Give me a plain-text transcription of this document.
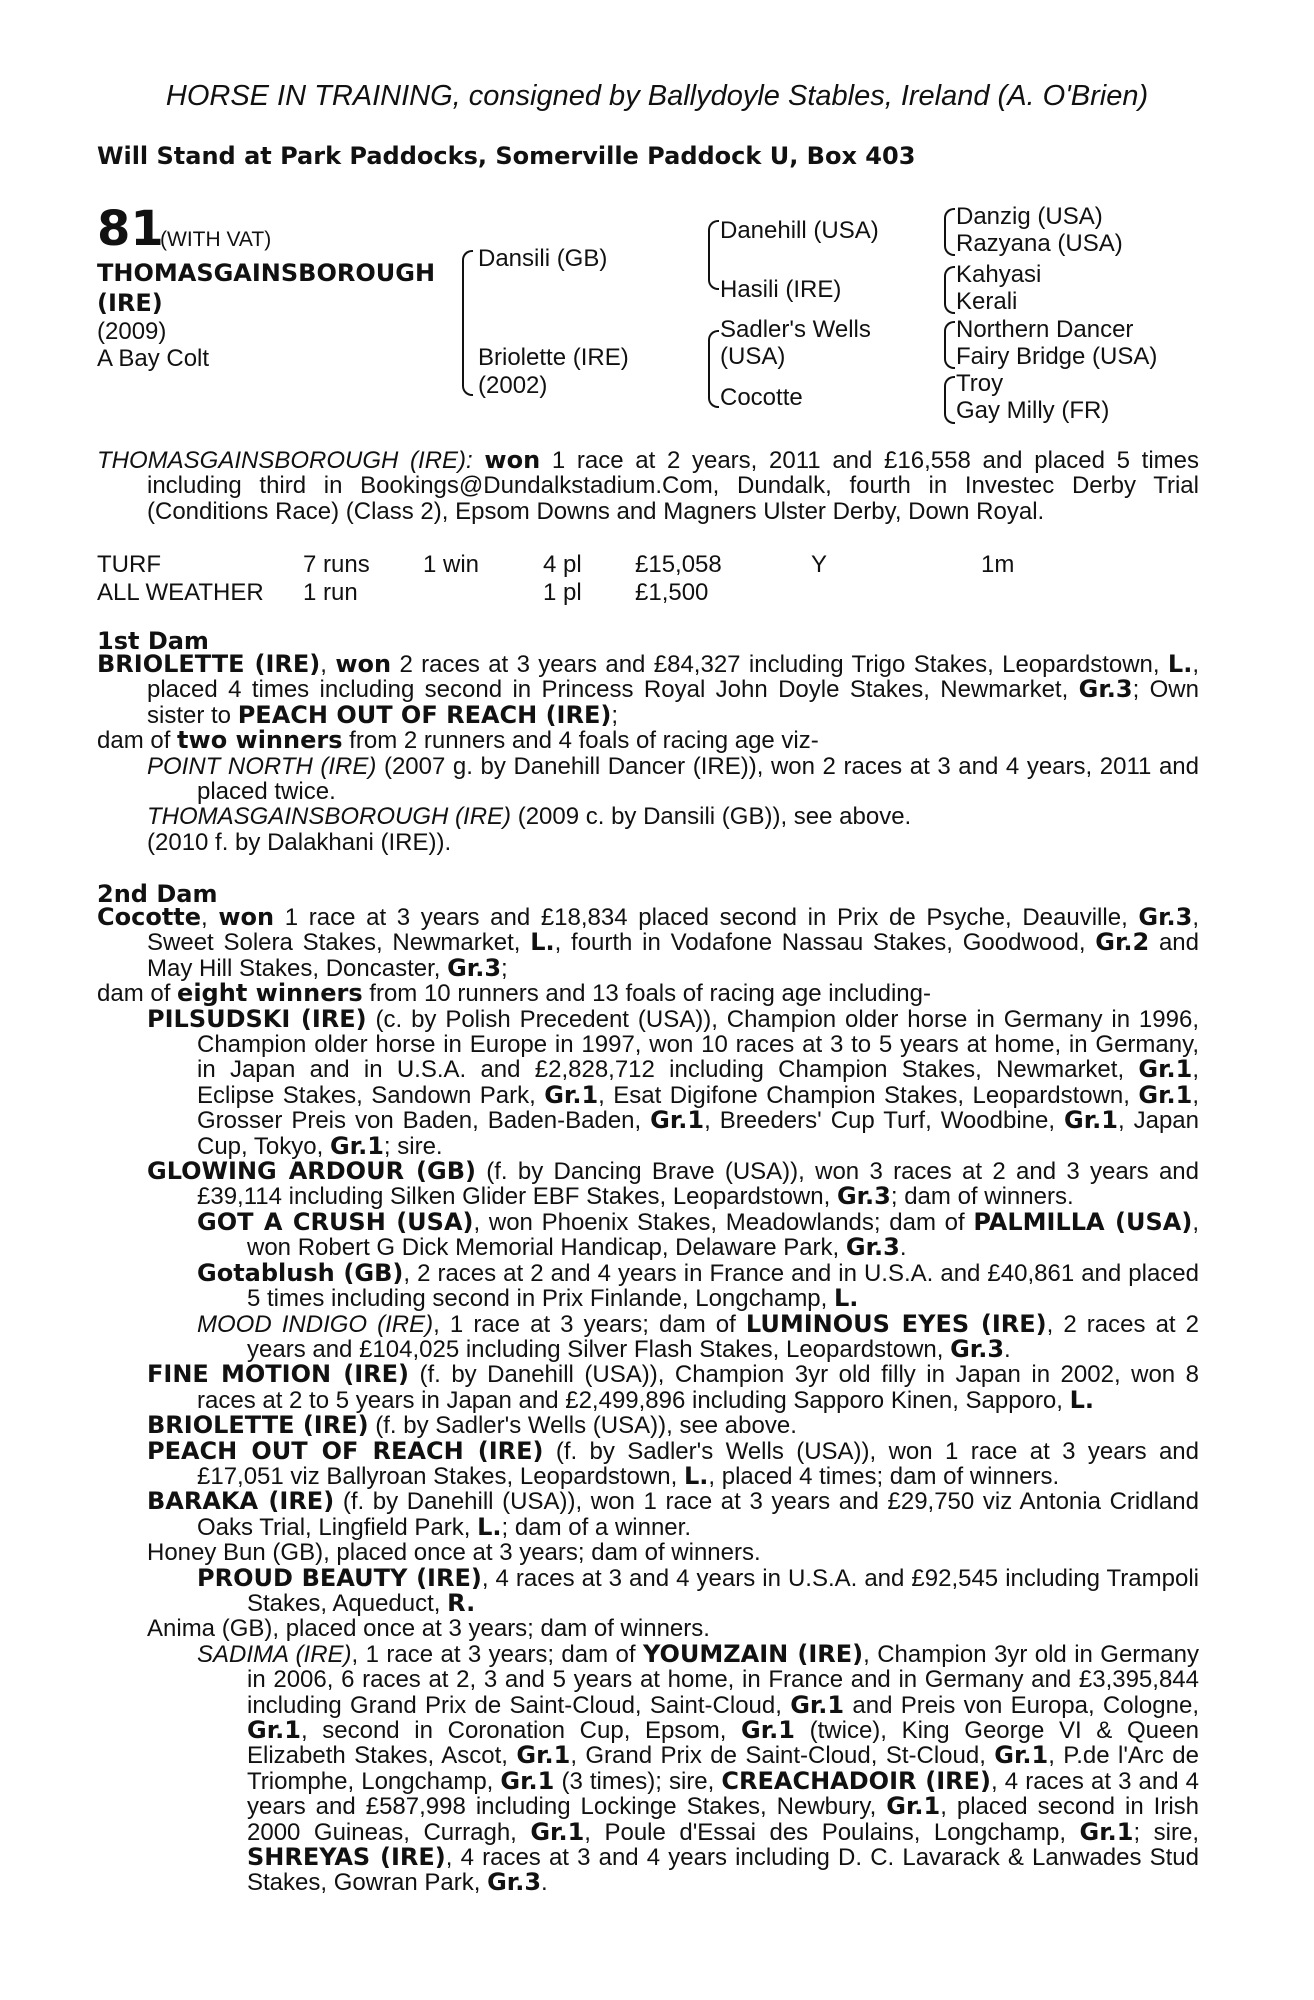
HORSE IN TRAINING, consigned by Ballydoyle Stables, Ireland (A. O'Brien)
Will Stand at Park Paddocks, Somerville Paddock U, Box 403
81
(WITH VAT)
THOMASGAINSBOROUGH (IRE)
(2009)
A Bay Colt
Dansili (GB)
Briolette (IRE)
(2002)
Danehill (USA)
Hasili (IRE)
Sadler's Wells
(USA)
Cocotte
Danzig (USA)
Razyana (USA)
Kahyasi
Kerali
Northern Dancer
Fairy Bridge (USA)
Troy
Gay Milly (FR)
THOMASGAINSBOROUGH (IRE): won 1 race at 2 years, 2011 and £16,558 and placed 5 times including third in Bookings@Dundalkstadium.Com, Dundalk, fourth in Investec Derby Trial (Conditions Race) (Class 2), Epsom Downs and Magners Ulster Derby, Down Royal.
TURF	7 runs	1 win	4 pl	£15,058	Y	1m
ALL WEATHER	1 run		1 pl	£1,500		
1st Dam
BRIOLETTE (IRE), won 2 races at 3 years and £84,327 including Trigo Stakes, Leopardstown, L., placed 4 times including second in Princess Royal John Doyle Stakes, Newmarket, Gr.3; Own sister to PEACH OUT OF REACH (IRE);
dam of two winners from 2 runners and 4 foals of racing age viz-
POINT NORTH (IRE) (2007 g. by Danehill Dancer (IRE)), won 2 races at 3 and 4 years, 2011 and placed twice.
THOMASGAINSBOROUGH (IRE) (2009 c. by Dansili (GB)), see above.
(2010 f. by Dalakhani (IRE)).
2nd Dam
Cocotte, won 1 race at 3 years and £18,834 placed second in Prix de Psyche, Deauville, Gr.3, Sweet Solera Stakes, Newmarket, L., fourth in Vodafone Nassau Stakes, Goodwood, Gr.2 and May Hill Stakes, Doncaster, Gr.3;
dam of eight winners from 10 runners and 13 foals of racing age including-
PILSUDSKI (IRE) (c. by Polish Precedent (USA)), Champion older horse in Germany in 1996, Champion older horse in Europe in 1997, won 10 races at 3 to 5 years at home, in Germany, in Japan and in U.S.A. and £2,828,712 including Champion Stakes, Newmarket, Gr.1, Eclipse Stakes, Sandown Park, Gr.1, Esat Digifone Champion Stakes, Leopardstown, Gr.1, Grosser Preis von Baden, Baden-Baden, Gr.1, Breeders' Cup Turf, Woodbine, Gr.1, Japan Cup, Tokyo, Gr.1; sire.
GLOWING ARDOUR (GB) (f. by Dancing Brave (USA)), won 3 races at 2 and 3 years and £39,114 including Silken Glider EBF Stakes, Leopardstown, Gr.3; dam of winners.
GOT A CRUSH (USA), won Phoenix Stakes, Meadowlands; dam of PALMILLA (USA), won Robert G Dick Memorial Handicap, Delaware Park, Gr.3.
Gotablush (GB), 2 races at 2 and 4 years in France and in U.S.A. and £40,861 and placed 5 times including second in Prix Finlande, Longchamp, L.
MOOD INDIGO (IRE), 1 race at 3 years; dam of LUMINOUS EYES (IRE), 2 races at 2 years and £104,025 including Silver Flash Stakes, Leopardstown, Gr.3.
FINE MOTION (IRE) (f. by Danehill (USA)), Champion 3yr old filly in Japan in 2002, won 8 races at 2 to 5 years in Japan and £2,499,896 including Sapporo Kinen, Sapporo, L.
BRIOLETTE (IRE) (f. by Sadler's Wells (USA)), see above.
PEACH OUT OF REACH (IRE) (f. by Sadler's Wells (USA)), won 1 race at 3 years and £17,051 viz Ballyroan Stakes, Leopardstown, L., placed 4 times; dam of winners.
BARAKA (IRE) (f. by Danehill (USA)), won 1 race at 3 years and £29,750 viz Antonia Cridland Oaks Trial, Lingfield Park, L.; dam of a winner.
Honey Bun (GB), placed once at 3 years; dam of winners.
PROUD BEAUTY (IRE), 4 races at 3 and 4 years in U.S.A. and £92,545 including Trampoli Stakes, Aqueduct, R.
Anima (GB), placed once at 3 years; dam of winners.
SADIMA (IRE), 1 race at 3 years; dam of YOUMZAIN (IRE), Champion 3yr old in Germany in 2006, 6 races at 2, 3 and 5 years at home, in France and in Germany and £3,395,844 including Grand Prix de Saint-Cloud, Saint-Cloud, Gr.1 and Preis von Europa, Cologne, Gr.1, second in Coronation Cup, Epsom, Gr.1 (twice), King George VI & Queen Elizabeth Stakes, Ascot, Gr.1, Grand Prix de Saint-Cloud, St-Cloud, Gr.1, P.de l'Arc de Triomphe, Longchamp, Gr.1 (3 times); sire, CREACHADOIR (IRE), 4 races at 3 and 4 years and £587,998 including Lockinge Stakes, Newbury, Gr.1, placed second in Irish 2000 Guineas, Curragh, Gr.1, Poule d'Essai des Poulains, Longchamp, Gr.1; sire, SHREYAS (IRE), 4 races at 3 and 4 years including D. C. Lavarack & Lanwades Stud Stakes, Gowran Park, Gr.3.
